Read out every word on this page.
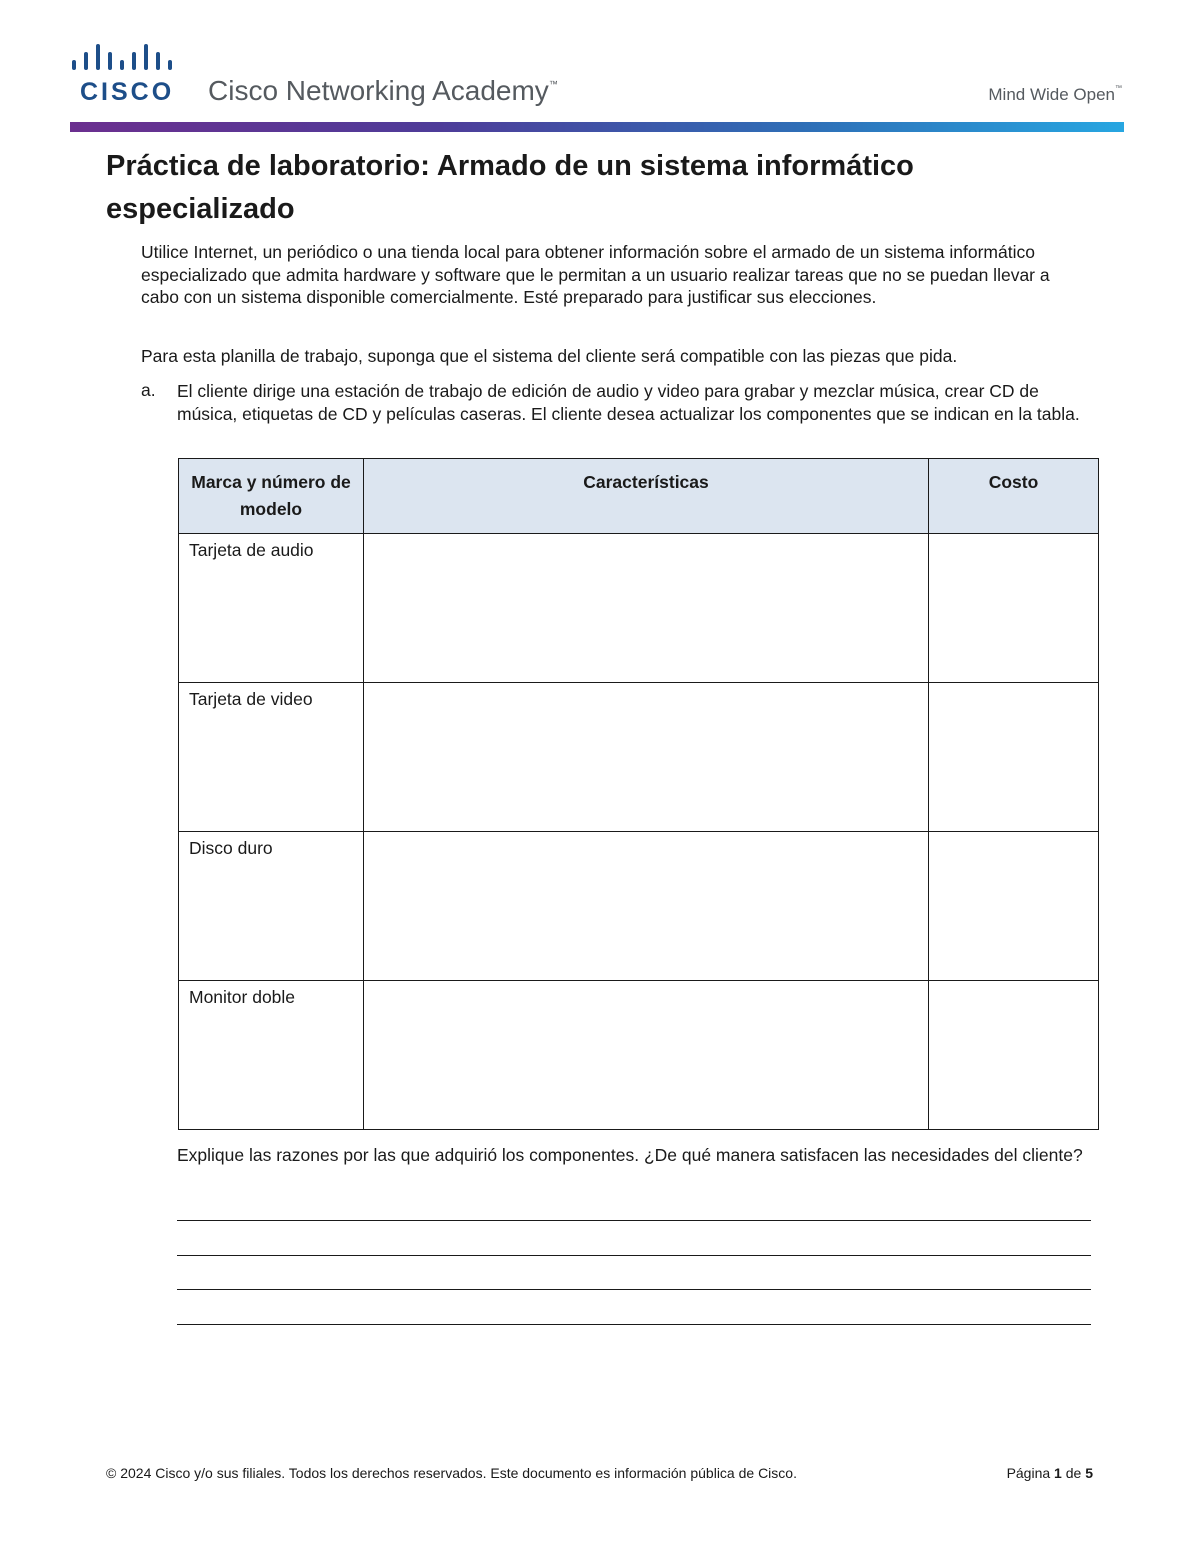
CISCO Cisco Networking Academy™
Mind Wide Open™
Práctica de laboratorio: Armado de un sistema informático especializado
Utilice Internet, un periódico o una tienda local para obtener información sobre el armado de un sistema informático especializado que admita hardware y software que le permitan a un usuario realizar tareas que no se puedan llevar a cabo con un sistema disponible comercialmente. Esté preparado para justificar sus elecciones.
Para esta planilla de trabajo, suponga que el sistema del cliente será compatible con las piezas que pida.
a. El cliente dirige una estación de trabajo de edición de audio y video para grabar y mezclar música, crear CD de música, etiquetas de CD y películas caseras. El cliente desea actualizar los componentes que se indican en la tabla.
Marca y número de modelo	Características	Costo
Tarjeta de audio		
Tarjeta de video		
Disco duro		
Monitor doble		
Explique las razones por las que adquirió los componentes. ¿De qué manera satisfacen las necesidades del cliente?
© 2024 Cisco y/o sus filiales. Todos los derechos reservados. Este documento es información pública de Cisco.	Página 1 de 5
